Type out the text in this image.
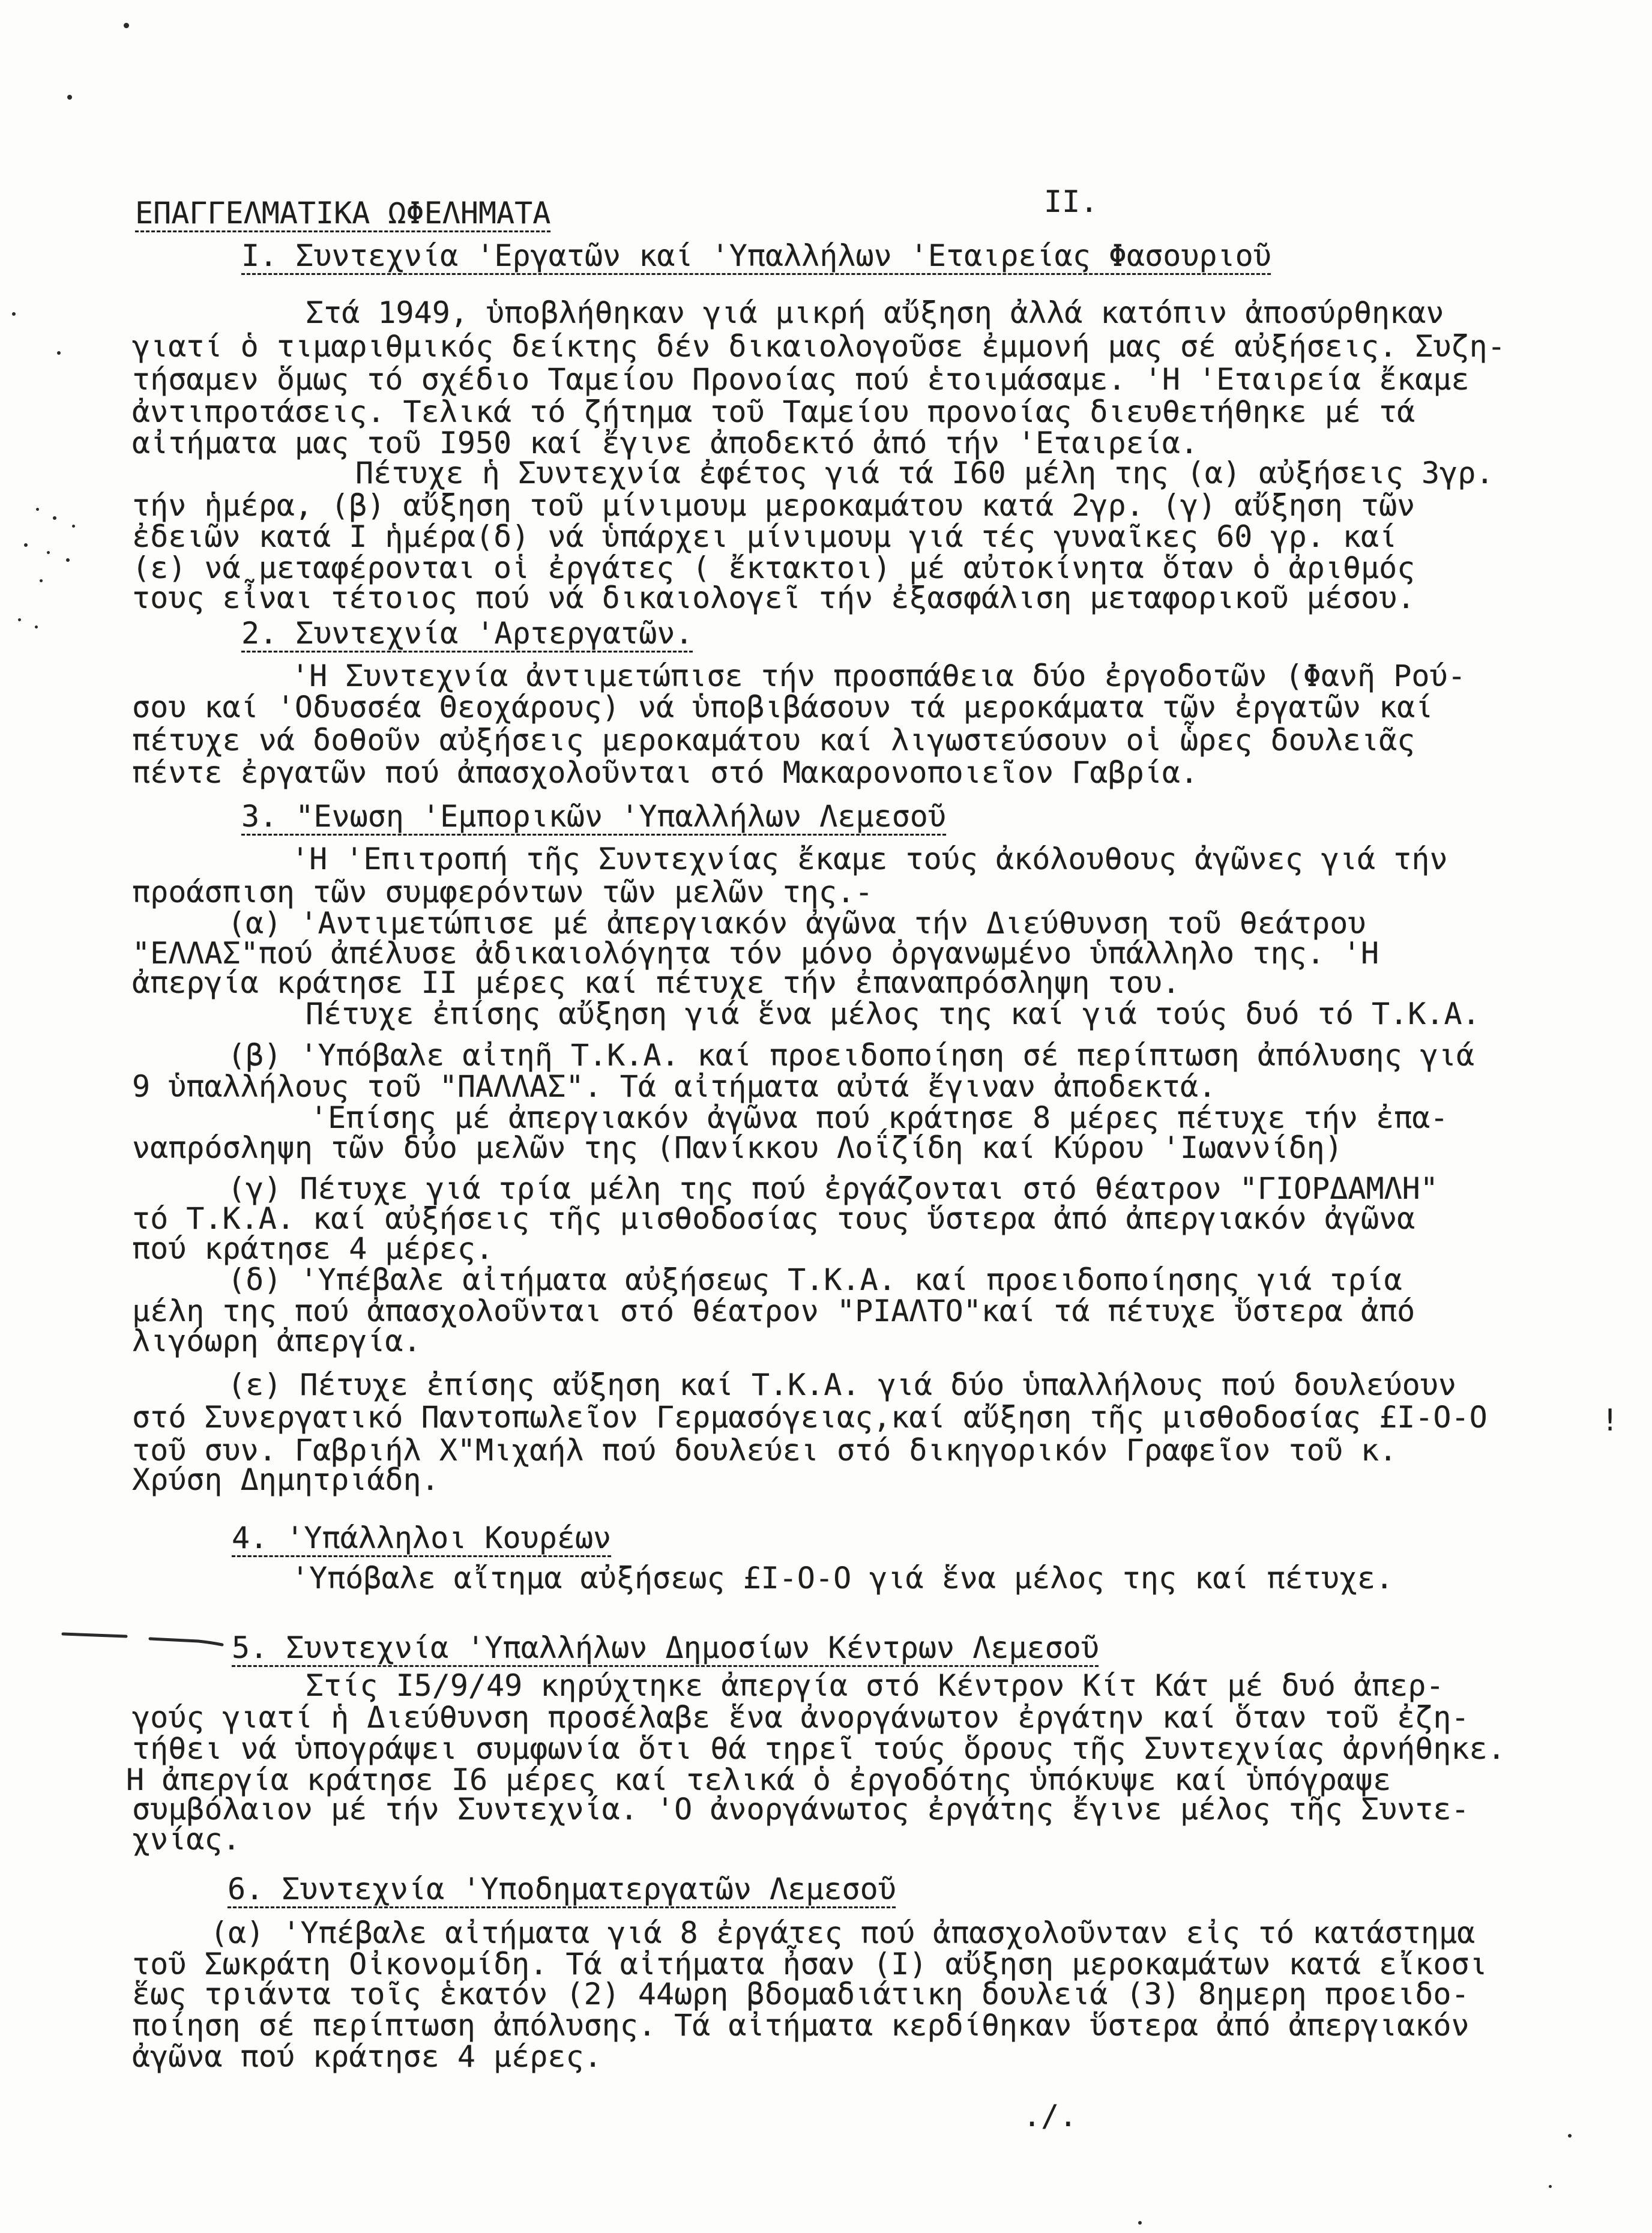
ΕΠΑΓΓΕΛΜΑΤΙΚΑ ΩΦΕΛΗΜΑΤΑ	II.
Ι. Συντεχνία 'Εργατῶν καί 'Υπαλλήλων 'Εταιρείας Φασουριοῦ
Στά 1949, ὑποβλήθηκαν γιά μικρή αὔξηση ἀλλά κατόπιν ἀποσύρθηκαν
γιατί ὁ τιμαριθμικός δείκτης δέν δικαιολογοῦσε ἐμμονή μας σέ αὐξήσεις. Συζη-
τήσαμεν ὅμως τό σχέδιο Ταμείου Προνοίας πού ἑτοιμάσαμε. 'Η 'Εταιρεία ἔκαμε
ἀντιπροτάσεις. Τελικά τό ζήτημα τοῦ Ταμείου προνοίας διευθετήθηκε μέ τά
αἰτήματα μας τοῦ Ι950 καί ἔγινε ἀποδεκτό ἀπό τήν 'Εταιρεία.
Πέτυχε ἡ Συντεχνία ἐφέτος γιά τά Ι60 μέλη της (α) αὐξήσεις 3γρ.
τήν ἡμέρα, (β) αὔξηση τοῦ μίνιμουμ μεροκαμάτου κατά 2γρ. (γ) αὔξηση τῶν
ἐδειῶν κατά Ι ἡμέρα(δ) νά ὑπάρχει μίνιμουμ γιά τές γυναῖκες 60 γρ. καί
(ε) νά μεταφέρονται οἱ ἐργάτες ( ἔκτακτοι) μέ αὐτοκίνητα ὅταν ὁ ἀριθμός
τους εἶναι τέτοιος πού νά δικαιολογεῖ τήν ἐξασφάλιση μεταφορικοῦ μέσου.
2. Συντεχνία 'Αρτεργατῶν.
'Η Συντεχνία ἀντιμετώπισε τήν προσπάθεια δύο ἐργοδοτῶν (Φανῆ Ρού-
σου καί 'Οδυσσέα Θεοχάρους) νά ὑποβιβάσουν τά μεροκάματα τῶν ἐργατῶν καί
πέτυχε νά δοθοῦν αὐξήσεις μεροκαμάτου καί λιγωστεύσουν οἱ ὧρες δουλειᾶς
πέντε ἐργατῶν πού ἀπασχολοῦνται στό Μακαρονοποιεῖον Γαβρία.
3. "Ενωση 'Εμπορικῶν 'Υπαλλήλων Λεμεσοῦ
'Η 'Επιτροπή τῆς Συντεχνίας ἔκαμε τούς ἀκόλουθους ἀγῶνες γιά τήν
προάσπιση τῶν συμφερόντων τῶν μελῶν της.-
(α) 'Αντιμετώπισε μέ ἀπεργιακόν ἀγῶνα τήν Διεύθυνση τοῦ θεάτρου
"ΕΛΛΑΣ"πού ἀπέλυσε ἀδικαιολόγητα τόν μόνο ὀργανωμένο ὑπάλληλο της. 'Η
ἀπεργία κράτησε ΙΙ μέρες καί πέτυχε τήν ἐπαναπρόσληψη του.
Πέτυχε ἐπίσης αὔξηση γιά ἕνα μέλος της καί γιά τούς δυό τό Τ.Κ.Α.
(β) 'Υπόβαλε αἰτηῆ Τ.Κ.Α. καί προειδοποίηση σέ περίπτωση ἀπόλυσης γιά
9 ὑπαλλήλους τοῦ "ΠΑΛΛΑΣ". Τά αἰτήματα αὐτά ἔγιναν ἀποδεκτά.
'Επίσης μέ ἀπεργιακόν ἀγῶνα πού κράτησε 8 μέρες πέτυχε τήν ἐπα-
ναπρόσληψη τῶν δύο μελῶν της (Πανίκκου Λοΐζίδη καί Κύρου 'Ιωαννίδη)
(γ) Πέτυχε γιά τρία μέλη της πού ἐργάζονται στό θέατρον "ΓΙΟΡΔΑΜΛΗ"
τό Τ.Κ.Α. καί αὐξήσεις τῆς μισθοδοσίας τους ὕστερα ἀπό ἀπεργιακόν ἀγῶνα
πού κράτησε 4 μέρες.
(δ) 'Υπέβαλε αἰτήματα αὐξήσεως Τ.Κ.Α. καί προειδοποίησης γιά τρία
μέλη της πού ἀπασχολοῦνται στό θέατρον "ΡΙΑΛΤΟ"καί τά πέτυχε ὕστερα ἀπό
λιγόωρη ἀπεργία.
(ε) Πέτυχε ἐπίσης αὔξηση καί Τ.Κ.Α. γιά δύο ὑπαλλήλους πού δουλεύουν
στό Συνεργατικό Παντοπωλεῖον Γερμασόγειας,καί αὔξηση τῆς μισθοδοσίας £Ι-Ο-Ο
τοῦ συν. Γαβριήλ Χ"Μιχαήλ πού δουλεύει στό δικηγορικόν Γραφεῖον τοῦ κ.
Χρύση Δημητριάδη.
!
4. 'Υπάλληλοι Κουρέων
'Υπόβαλε αἴτημα αὐξήσεως £Ι-Ο-Ο γιά ἕνα μέλος της καί πέτυχε.
5. Συντεχνία 'Υπαλλήλων Δημοσίων Κέντρων Λεμεσοῦ
Στίς Ι5/9/49 κηρύχτηκε ἀπεργία στό Κέντρον Κίτ Κάτ μέ δυό ἀπερ-
γούς γιατί ἡ Διεύθυνση προσέλαβε ἕνα ἀνοργάνωτον ἐργάτην καί ὅταν τοῦ ἐζη-
τήθει νά ὑπογράψει συμφωνία ὅτι θά τηρεῖ τούς ὅρους τῆς Συντεχνίας ἀρνήθηκε.
Η ἀπεργία κράτησε Ι6 μέρες καί τελικά ὁ ἐργοδότης ὑπόκυψε καί ὑπόγραψε
συμβόλαιον μέ τήν Συντεχνία. 'Ο ἀνοργάνωτος ἐργάτης ἔγινε μέλος τῆς Συντε-
χνίας.
6. Συντεχνία 'Υποδηματεργατῶν Λεμεσοῦ
(α) 'Υπέβαλε αἰτήματα γιά 8 ἐργάτες πού ἀπασχολοῦνταν εἰς τό κατάστημα
τοῦ Σωκράτη Οἰκονομίδη. Τά αἰτήματα ἦσαν (Ι) αὔξηση μεροκαμάτων κατά εἴκοσι
ἕως τριάντα τοῖς ἑκατόν (2) 44ωρη βδομαδιάτικη δουλειά (3) 8ημερη προειδο-
ποίηση σέ περίπτωση ἀπόλυσης. Τά αἰτήματα κερδίθηκαν ὕστερα ἀπό ἀπεργιακόν
ἀγῶνα πού κράτησε 4 μέρες.
./.
